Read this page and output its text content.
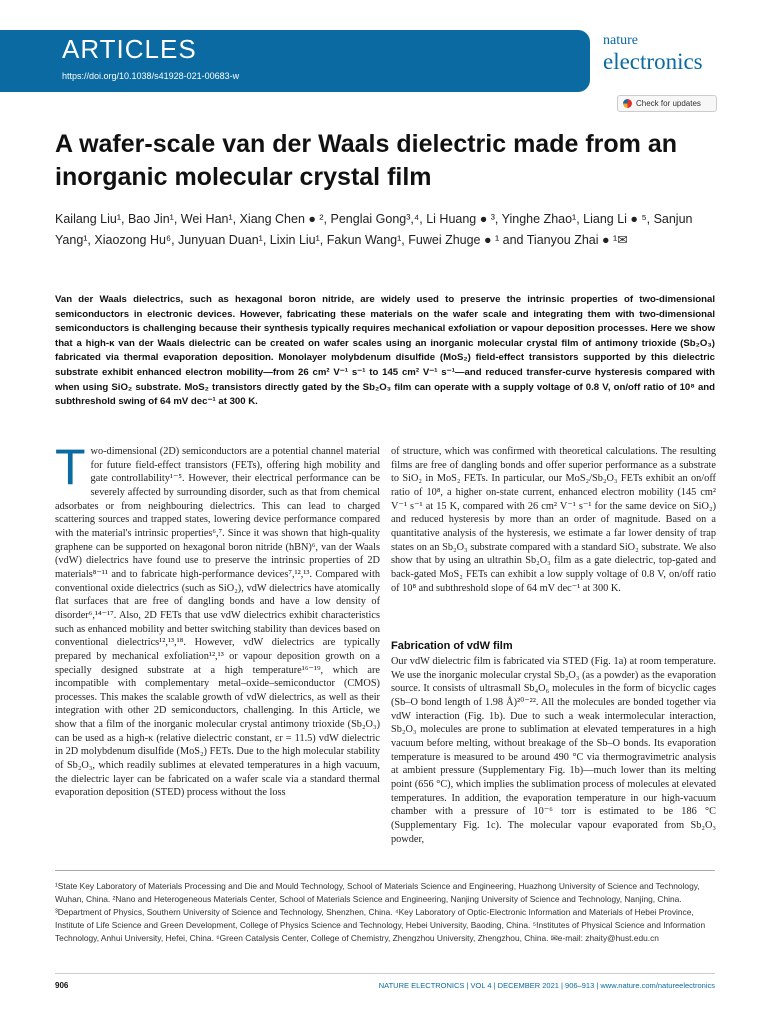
ARTICLES
https://doi.org/10.1038/s41928-021-00683-w
nature
electronics
Check for updates
A wafer-scale van der Waals dielectric made from an inorganic molecular crystal film
Kailang Liu¹, Bao Jin¹, Wei Han¹, Xiang Chen ● ², Penglai Gong³,⁴, Li Huang ● ³, Yinghe Zhao¹, Liang Li ● ⁵, Sanjun Yang¹, Xiaozong Hu⁶, Junyuan Duan¹, Lixin Liu¹, Fakun Wang¹, Fuwei Zhuge ● ¹ and Tianyou Zhai ● ¹✉

Van der Waals dielectrics, such as hexagonal boron nitride, are widely used to preserve the intrinsic properties of two-dimensional semiconductors in electronic devices. However, fabricating these materials on the wafer scale and integrating them with two-dimensional semiconductors is challenging because their synthesis typically requires mechanical exfoliation or vapour deposition processes. Here we show that a high-κ van der Waals dielectric can be created on wafer scales using an inorganic molecular crystal film of antimony trioxide (Sb₂O₃) fabricated via thermal evaporation deposition. Monolayer molybdenum disulfide (MoS₂) field-effect transistors supported by this dielectric substrate exhibit enhanced electron mobility—from 26 cm² V⁻¹ s⁻¹ to 145 cm² V⁻¹ s⁻¹—and reduced transfer-curve hysteresis compared with when using SiO₂ substrate. MoS₂ transistors directly gated by the Sb₂O₃ film can operate with a supply voltage of 0.8 V, on/off ratio of 10⁸ and subthreshold swing of 64 mV dec⁻¹ at 300 K.

T wo-dimensional (2D) semiconductors are a potential channel material for future field-effect transistors (FETs), offering high mobility and gate controllability¹⁻⁵. However, their electrical performance can be severely affected by surrounding disorder, such as that from chemical adsorbates or from neighbouring dielectrics. This can lead to charged scattering sources and trapped states, lowering device performance compared with the material's intrinsic properties⁶,⁷. Since it was shown that high-quality graphene can be supported on hexagonal boron nitride (hBN)⁶, van der Waals (vdW) dielectrics have found use to preserve the intrinsic properties of 2D materials⁸⁻¹¹ and to fabricate high-performance devices⁷,¹²,¹³. Compared with conventional oxide dielectrics (such as SiO₂), vdW dielectrics have atomically flat surfaces that are free of dangling bonds and have a low density of disorder⁶,¹⁴⁻¹⁷. Also, 2D FETs that use vdW dielectrics exhibit characteristics such as enhanced mobility and better switching stability than devices based on conventional dielectrics¹²,¹³,¹⁸. However, vdW dielectrics are typically prepared by mechanical exfoliation¹²,¹³ or vapour deposition growth on a specially designed substrate at a high temperature¹⁶⁻¹⁹, which are incompatible with complementary metal–oxide–semiconductor (CMOS) processes. This makes the scalable growth of vdW dielectrics, as well as their integration with other 2D semiconductors, challenging. In this Article, we show that a film of the inorganic molecular crystal antimony trioxide (Sb₂O₃) can be used as a high-κ (relative dielectric constant, εr = 11.5) vdW dielectric in 2D molybdenum disulfide (MoS₂) FETs. Due to the high molecular stability of Sb₂O₃, which readily sublimes at elevated temperatures in a high vacuum, the dielectric layer can be fabricated on a wafer scale via a standard thermal evaporation deposition (STED) process without the loss
of structure, which was confirmed with theoretical calculations. The resulting films are free of dangling bonds and offer superior performance as a substrate to SiO₂ in MoS₂ FETs. In particular, our MoS₂/Sb₂O₃ FETs exhibit an on/off ratio of 10⁸, a higher on-state current, enhanced electron mobility (145 cm² V⁻¹ s⁻¹ at 15 K, compared with 26 cm² V⁻¹ s⁻¹ for the same device on SiO₂) and reduced hysteresis by more than an order of magnitude. Based on a quantitative analysis of the hysteresis, we estimate a far lower density of trap states on an Sb₂O₃ substrate compared with a standard SiO₂ substrate. We also show that by using an ultrathin Sb₂O₃ film as a gate dielectric, top-gated and back-gated MoS₂ FETs can exhibit a low supply voltage of 0.8 V, on/off ratio of 10⁸ and subthreshold slope of 64 mV dec⁻¹ at 300 K.
Fabrication of vdW film
Our vdW dielectric film is fabricated via STED (Fig. 1a) at room temperature. We use the inorganic molecular crystal Sb₂O₃ (as a powder) as the evaporation source. It consists of ultrasmall Sb₄O₆ molecules in the form of bicyclic cages (Sb–O bond length of 1.98 Å)²⁰⁻²². All the molecules are bonded together via vdW interaction (Fig. 1b). Due to such a weak intermolecular interaction, Sb₂O₃ molecules are prone to sublimation at elevated temperatures in a high vacuum before melting, without breakage of the Sb–O bonds. Its evaporation temperature is measured to be around 490 °C via thermogravimetric analysis at ambient pressure (Supplementary Fig. 1b)—much lower than its melting point (656 °C), which implies the sublimation process of molecules at elevated temperatures. In addition, the evaporation temperature in our high-vacuum chamber with a pressure of 10⁻⁶ torr is estimated to be 186 °C (Supplementary Fig. 1c). The molecular vapour evaporated from Sb₂O₃ powder,

¹State Key Laboratory of Materials Processing and Die and Mould Technology, School of Materials Science and Engineering, Huazhong University of Science and Technology, Wuhan, China. ²Nano and Heterogeneous Materials Center, School of Materials Science and Engineering, Nanjing University of Science and Technology, Nanjing, China. ³Department of Physics, Southern University of Science and Technology, Shenzhen, China. ⁴Key Laboratory of Optic-Electronic Information and Materials of Hebei Province, Institute of Life Science and Green Development, College of Physics Science and Technology, Hebei University, Baoding, China. ⁵Institutes of Physical Science and Information Technology, Anhui University, Hefei, China. ⁶Green Catalysis Center, College of Chemistry, Zhengzhou University, Zhengzhou, China. ✉e-mail: zhaity@hust.edu.cn

906	NATURE ELECTRONICS | VOL 4 | DECEMBER 2021 | 906–913 | www.nature.com/natureelectronics
